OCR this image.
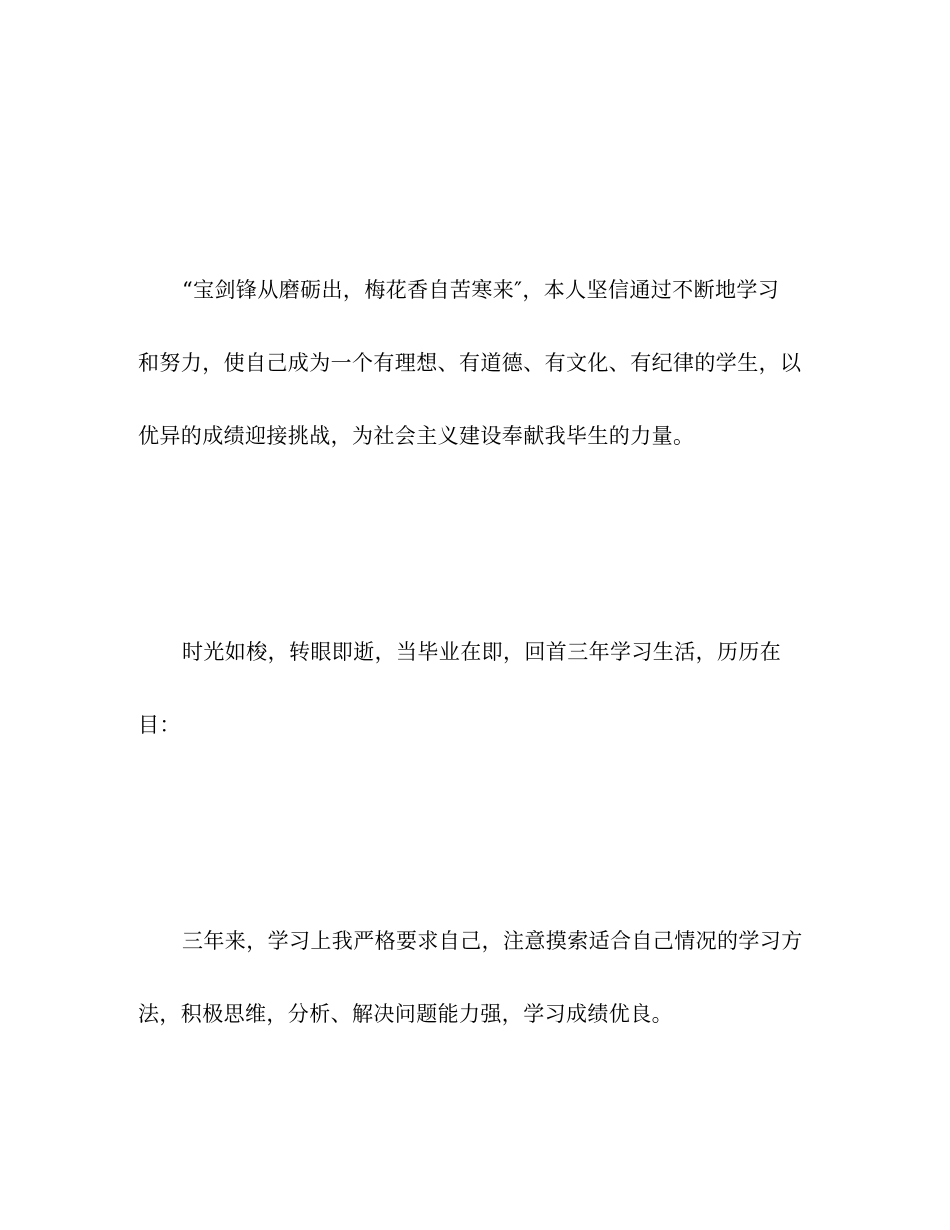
“宝剑锋从磨砺出，梅花香自苦寒来″，本人坚信通过不断地学习
和努力，使自己成为一个有理想、有道德、有文化、有纪律的学生，以
优异的成绩迎接挑战，为社会主义建设奉献我毕生的力量。
时光如梭，转眼即逝，当毕业在即，回首三年学习生活，历历在
目：
三年来，学习上我严格要求自己，注意摸索适合自己情况的学习方
法，积极思维，分析、解决问题能力强，学习成绩优良。
